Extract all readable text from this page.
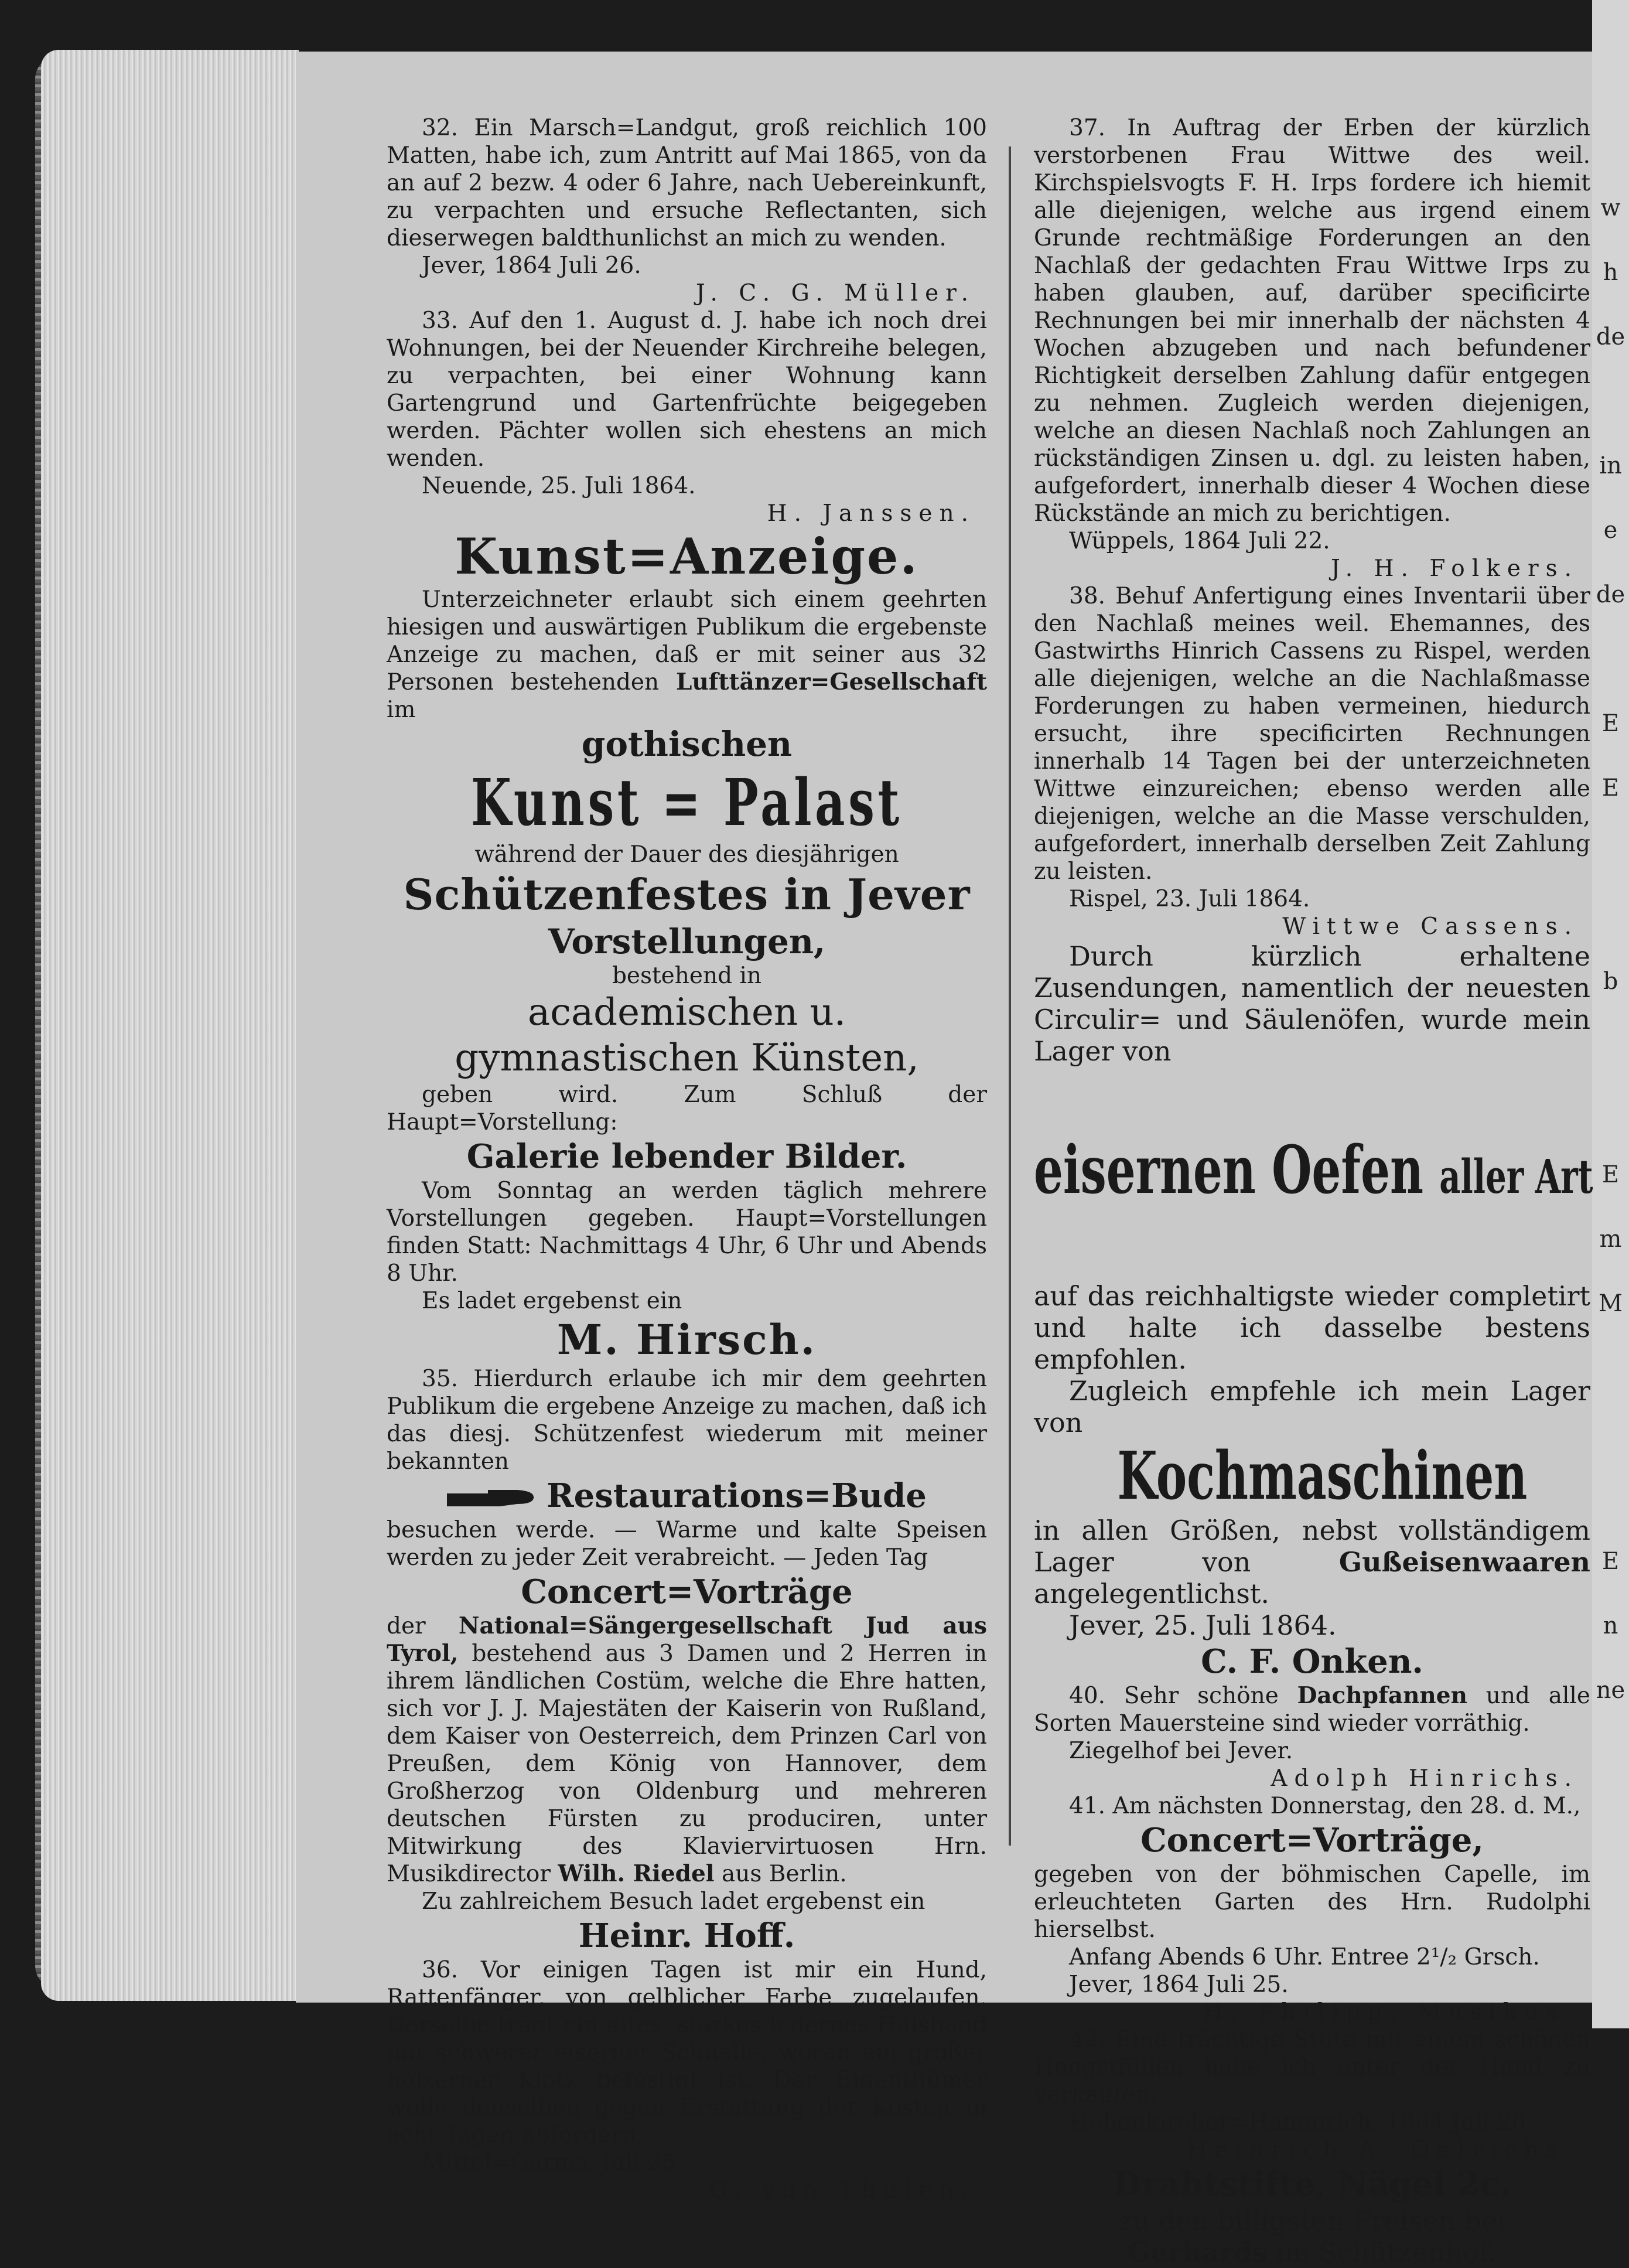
w
h
de

in
e
de

E
E

b

E
m
M

E
n
ne

32. Ein Marsch=Landgut, groß reichlich 100 Matten, habe ich, zum Antritt auf Mai 1865, von da an auf 2 bezw. 4 oder 6 Jahre, nach Uebereinkunft, zu verpachten und ersuche Reflectanten, sich dieserwegen baldthunlichst an mich zu wenden.

Jever, 1864 Juli 26.

J. C. G. Müller.

33. Auf den 1. August d. J. habe ich noch drei Wohnungen, bei der Neuender Kirchreihe belegen, zu verpachten, bei einer Wohnung kann Gartengrund und Gartenfrüchte beigegeben werden. Pächter wollen sich ehestens an mich wenden.

Neuende, 25. Juli 1864.

H. Janssen.

Kunst=Anzeige.

Unterzeichneter erlaubt sich einem geehrten hiesigen und auswärtigen Publikum die ergebenste Anzeige zu machen, daß er mit seiner aus 32 Personen bestehenden Lufttänzer=Gesellschaft im

gothischen

Kunst = Palast

während der Dauer des diesjährigen

Schützenfestes in Jever

Vorstellungen,

bestehend in

academischen u. gymnastischen Künsten,

geben wird. Zum Schluß der Haupt=Vorstellung:

Galerie lebender Bilder.

Vom Sonntag an werden täglich mehrere Vorstellungen gegeben. Haupt=Vorstellungen finden Statt: Nachmittags 4 Uhr, 6 Uhr und Abends 8 Uhr.

Es ladet ergebenst ein

M. Hirsch.

35. Hierdurch erlaube ich mir dem geehrten Publikum die ergebene Anzeige zu machen, daß ich das diesj. Schützenfest wiederum mit meiner bekannten

Restaurations=Bude

besuchen werde. — Warme und kalte Speisen werden zu jeder Zeit verabreicht. — Jeden Tag

Concert=Vorträge

der National=Sängergesellschaft Jud aus Tyrol, bestehend aus 3 Damen und 2 Herren in ihrem ländlichen Costüm, welche die Ehre hatten, sich vor J. J. Majestäten der Kaiserin von Rußland, dem Kaiser von Oesterreich, dem Prinzen Carl von Preußen, dem König von Hannover, dem Großherzog von Oldenburg und mehreren deutschen Fürsten zu produciren, unter Mitwirkung des Klaviervirtuosen Hrn. Musikdirector Wilh. Riedel aus Berlin.

Zu zahlreichem Besuch ladet ergebenst ein

Heinr. Hoff.

36. Vor einigen Tagen ist mir ein Hund, Rattenfänger, von gelblicher Farbe zugelaufen. Derselbe trägt ein altes, starkes ledernes Halsband mit schwerer eiserner Schnalle, woran ein großer hölzerner Klotz befestigt ist. Der Eigenthümer wolle denselben gegen Erstattung der Kosten in acht Tagen abfordern.

Mittel=Garms, Juli 25.

G. von Thülen.

37. In Auftrag der Erben der kürzlich verstorbenen Frau Wittwe des weil. Kirchspielsvogts F. H. Irps fordere ich hiemit alle diejenigen, welche aus irgend einem Grunde rechtmäßige Forderungen an den Nachlaß der gedachten Frau Wittwe Irps zu haben glauben, auf, darüber specificirte Rechnungen bei mir innerhalb der nächsten 4 Wochen abzugeben und nach befundener Richtigkeit derselben Zahlung dafür entgegen zu nehmen. Zugleich werden diejenigen, welche an diesen Nachlaß noch Zahlungen an rückständigen Zinsen u. dgl. zu leisten haben, aufgefordert, innerhalb dieser 4 Wochen diese Rückstände an mich zu berichtigen.

Wüppels, 1864 Juli 22.

J. H. Folkers.

38. Behuf Anfertigung eines Inventarii über den Nachlaß meines weil. Ehemannes, des Gastwirths Hinrich Cassens zu Rispel, werden alle diejenigen, welche an die Nachlaßmasse Forderungen zu haben vermeinen, hiedurch ersucht, ihre specificirten Rechnungen innerhalb 14 Tagen bei der unterzeichneten Wittwe einzureichen; ebenso werden alle diejenigen, welche an die Masse verschulden, aufgefordert, innerhalb derselben Zeit Zahlung zu leisten.

Rispel, 23. Juli 1864.

Wittwe Cassens.

Durch kürzlich erhaltene Zusendungen, namentlich der neuesten Circulir= und Säulenöfen, wurde mein Lager von

eisernen Oefen aller Art

auf das reichhaltigste wieder completirt und halte ich dasselbe bestens empfohlen.

Zugleich empfehle ich mein Lager von

Kochmaschinen

in allen Größen, nebst vollständigem Lager von	Gußeisenwaaren angelegentlichst.

Jever, 25. Juli 1864.

C. F. Onken.

40. Sehr schöne Dachpfannen und alle Sorten Mauersteine sind wieder vorräthig.

Ziegelhof bei Jever.

Adolph Hinrichs.

41. Am nächsten Donnerstag, den 28. d. M.,

Concert=Vorträge,

gegeben von der böhmischen Capelle, im erleuchteten Garten des Hrn. Rudolphi hierselbst.

Anfang Abends 6 Uhr. Entree 2¹/₂ Grsch.

Jever, 1864 Juli 25.

H. Philipp, Musikus.

42. Eine trächtige Stute mit einem schönen Hengstfüllen habe ich unter der Hand zu verkaufen.

Hohenkircher=Hammrich, 1864 Juli 26.

Heinrich A. Oelrichs.

Drahtstifte, Nägel 2c.

zu den billigsten Preisen bei

Gerhards im Schützenhof.
